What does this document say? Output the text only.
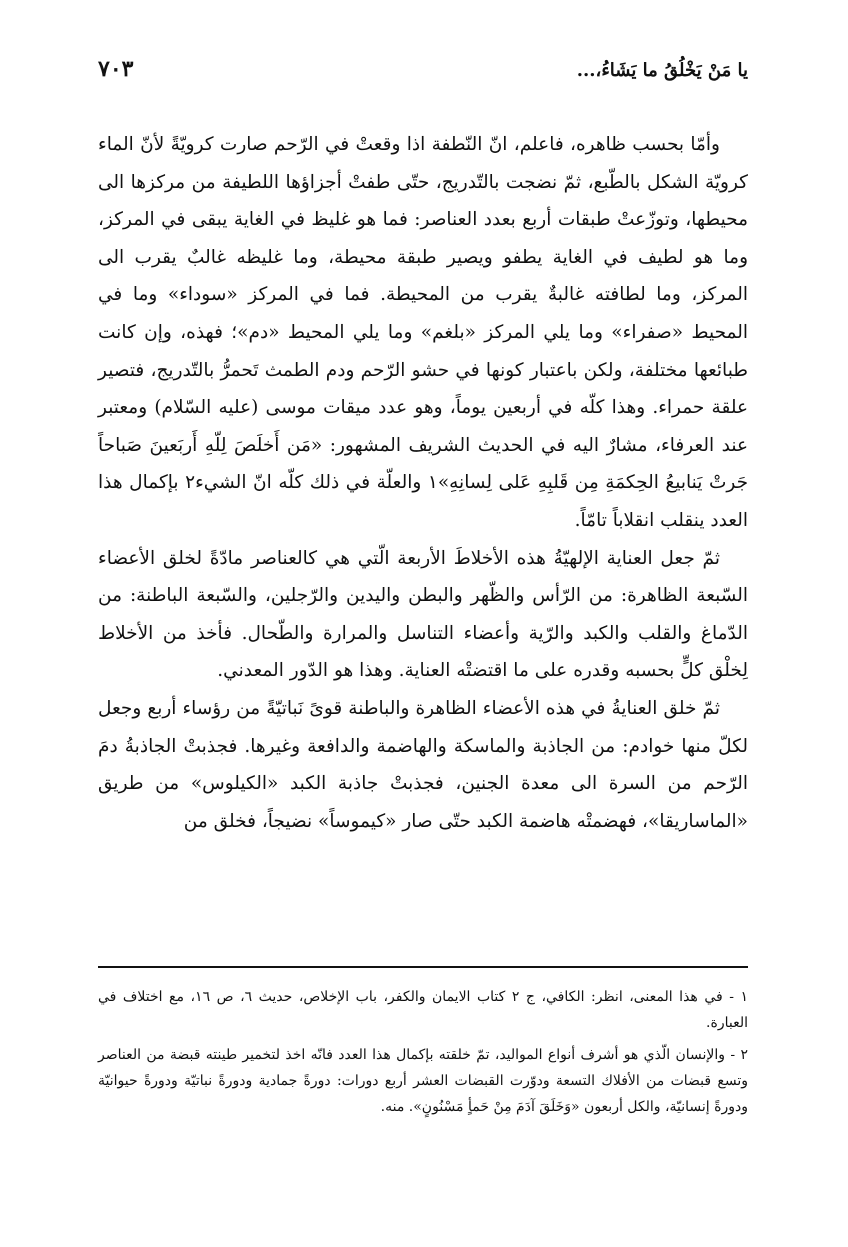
يا مَنْ يَخْلُقُ ما يَشَاءُ،...
٧٠٣

وأمّا بحسب ظاهره، فاعلم، انّ النّطفة اذا وقعتْ في الرّحم صارت كرويّةً لأنّ الماء كرويّة الشكل بالطّبع، ثمّ نضجت بالتّدريج، حتّى طفتْ أجزاؤها اللطيفة من مركزها الى محيطها، وتوزّعتْ طبقات أربع بعدد العناصر: فما هو غليظ في الغاية يبقى في المركز، وما هو لطيف في الغاية يطفو ويصير طبقة محيطة، وما غليظه غالبٌ يقرب الى المركز، وما لطافته غالبةٌ يقرب من المحيطة. فما في المركز «سوداء» وما في المحيط «صفراء» وما يلي المركز «بلغم» وما يلي المحيط «دم»؛ فهذه، وإن كانت طبائعها مختلفة، ولكن باعتبار كونها في حشو الرّحم ودم الطمث تَحمرُّ بالتّدريج، فتصير علقة حمراء. وهذا كلّه في أربعين يوماً، وهو عدد ميقات موسى (عليه السّلام) ومعتبر عند العرفاء، مشارٌ اليه في الحديث الشريف المشهور: «مَن أَخلَصَ لِلّهِ أَربَعينَ صَباحاً جَرتْ يَنابيعُ الحِكمَةِ مِن قَلبِهِ عَلى لِسانِهِ»١ والعلّة في ذلك كلّه انّ الشيء٢ بإكمال هذا العدد ينقلب انقلاباً تامّاً.

ثمّ جعل العناية الإلهيّةُ هذه الأخلاطَ الأربعة الّتي هي كالعناصر مادّةً لخلق الأعضاء السّبعة الظاهرة: من الرّأس والظّهر والبطن واليدين والرّجلين، والسّبعة الباطنة: من الدّماغ والقلب والكبد والرّية وأعضاء التناسل والمرارة والطّحال. فأخذ من الأخلاط لِخلْق كلٍّ بحسبه وقدره على ما اقتضتْه العناية. وهذا هو الدّور المعدني.

ثمّ خلق العنايةُ في هذه الأعضاء الظاهرة والباطنة قوىً نَباتيّةً من رؤساء أربع وجعل لكلّ منها خوادم: من الجاذبة والماسكة والهاضمة والدافعة وغيرها. فجذبتْ الجاذبةُ دمَ الرّحم من السرة الى معدة الجنين، فجذبتْ جاذبة الكبد «الكيلوس» من طريق «الماساريقا»، فهضمتْه هاضمة الكبد حتّى صار «كيموساً» نضيجاً، فخلق من

١ - في هذا المعنى، انظر: الكافي، ج ٢ كتاب الايمان والكفر، باب الإخلاص، حديث ٦، ص ١٦، مع اختلاف في العبارة.

٢ - والإنسان الّذي هو أشرف أنواع المواليد، تمّ خلقته بإكمال هذا العدد فانّه اخذ لتخمير طينته قبضة من العناصر وتسع قبضات من الأفلاك التسعة ودوّرت القبضات العشر أربع دورات: دورةً جمادية ودورةً نباتيّة ودورةً حيوانيّة ودورةً إنسانيّة، والكل أربعون «وَخَلَقَ آدَمَ مِنْ حَمأٍ مَسْنُونٍ». منه.
